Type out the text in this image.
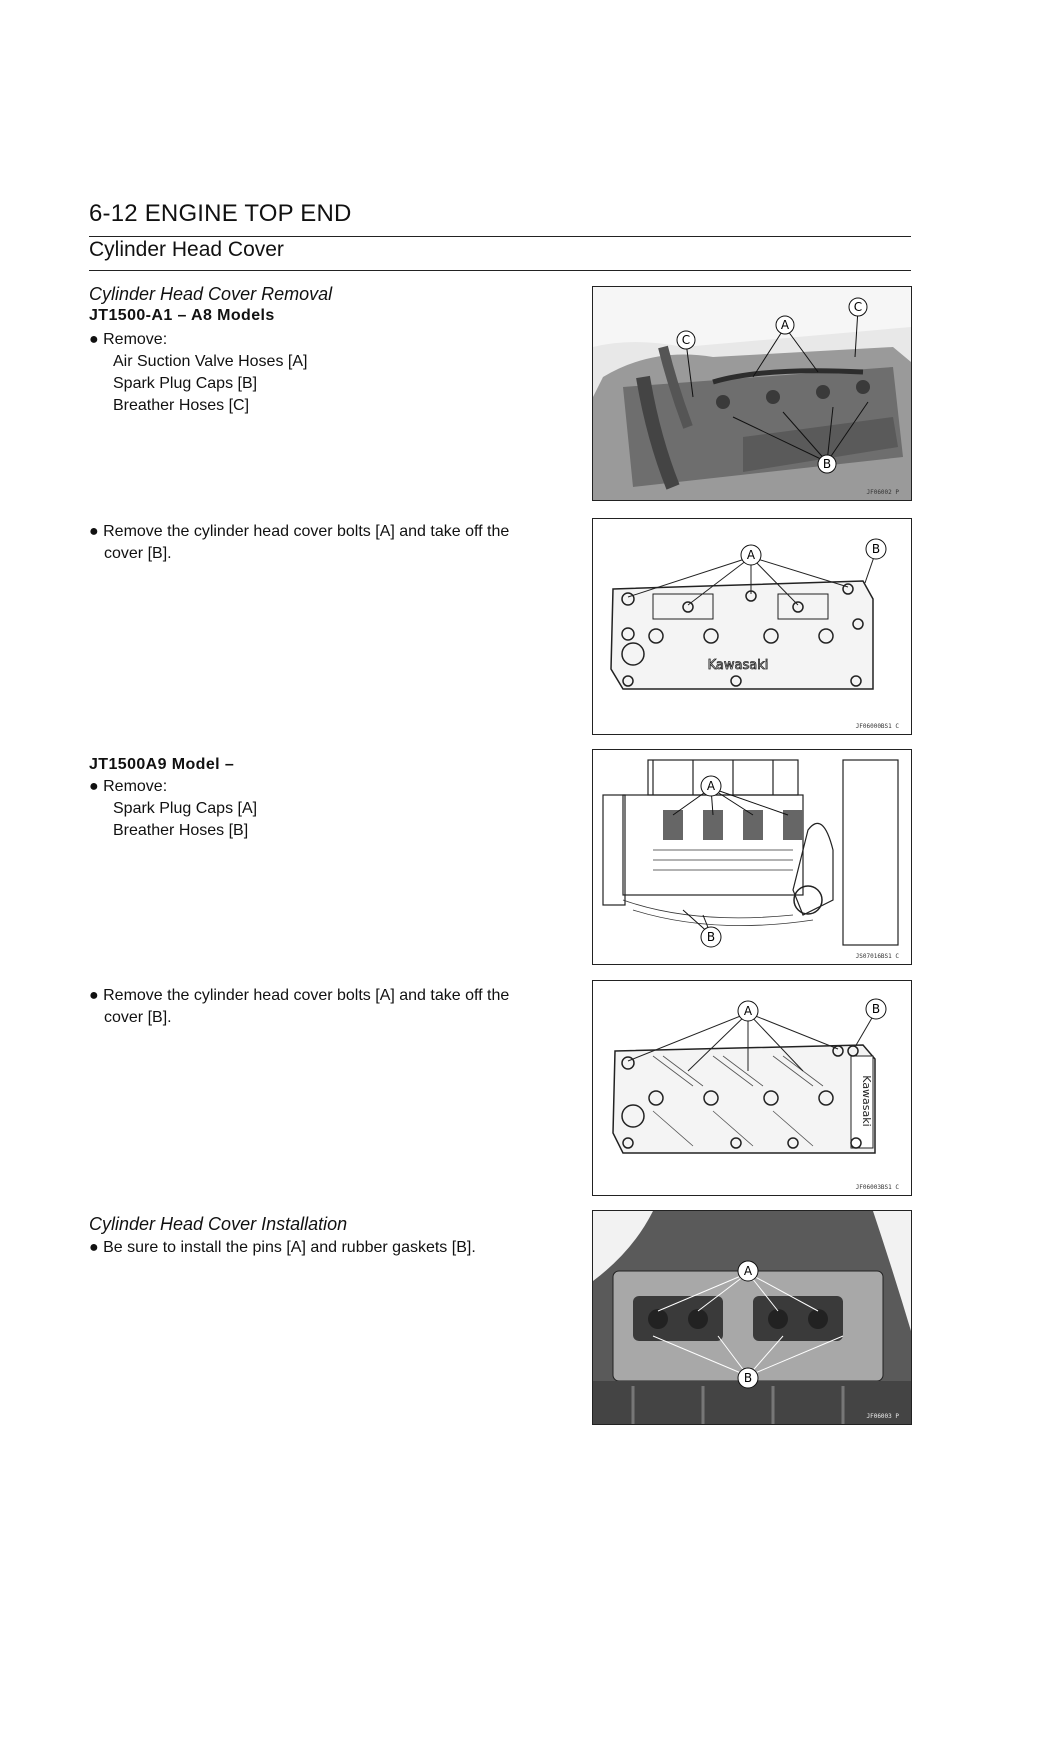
6-12 ENGINE TOP END
Cylinder Head Cover
Cylinder Head Cover Removal
JT1500-A1 – A8 Models
● Remove:
Air Suction Valve Hoses [A]
Spark Plug Caps [B]
Breather Hoses [C]
● Remove the cylinder head cover bolts [A] and take off the
cover [B].
JT1500A9 Model –
● Remove:
Spark Plug Caps [A]
Breather Hoses [B]
● Remove the cylinder head cover bolts [A] and take off the
cover [B].
Cylinder Head Cover Installation
● Be sure to install the pins [A] and rubber gaskets [B].
A
B
C
C
JF06002 P
Kawasaki
A	B
JF06000BS1 C
A
B
JS07016BS1 C
Kawasaki
A	B
JF06003BS1 C
A
B
JF06003 P
